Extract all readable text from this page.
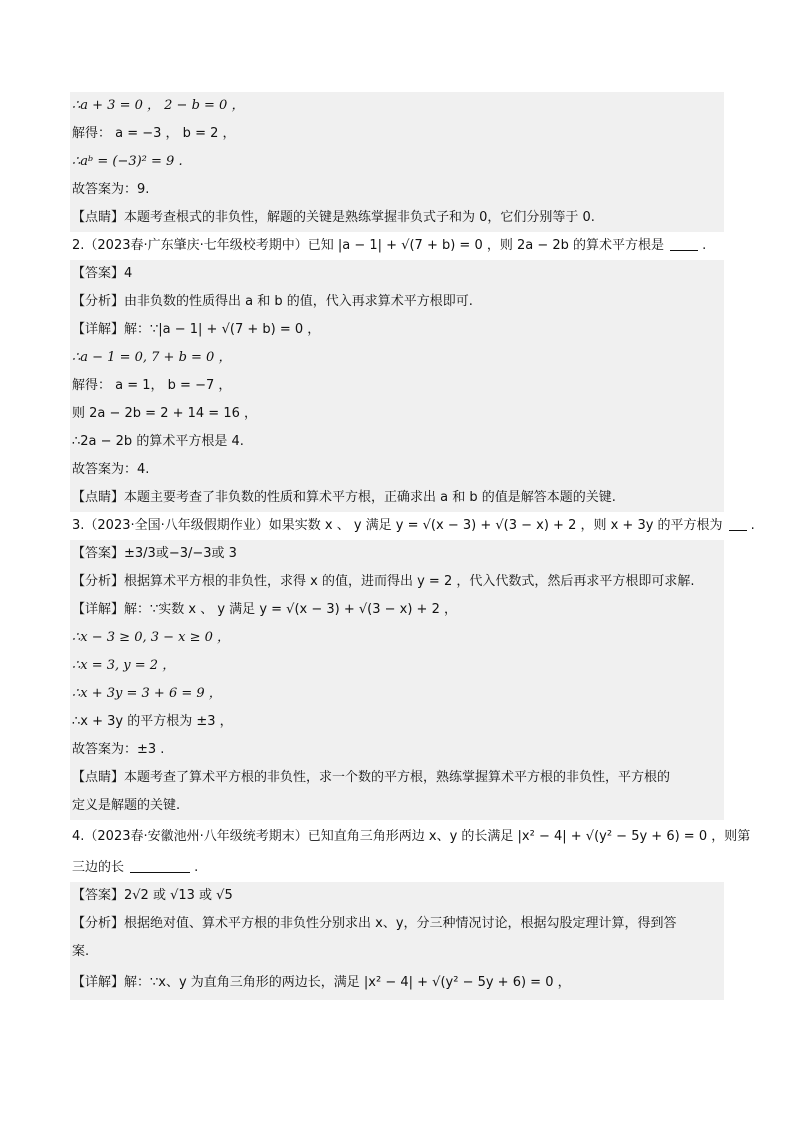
∴a + 3 = 0 ， 2 − b = 0 ，
解得： a = −3 ， b = 2 ，
∴aᵇ = (−3)² = 9 .
故答案为：9.
【点睛】本题考查根式的非负性，解题的关键是熟练掌握非负式子和为 0，它们分别等于 0.
2.（2023春·广东肇庆·七年级校考期中）已知 |a − 1| + √(7 + b) = 0 ，则 2a − 2b 的算术平方根是	.
【答案】4
【分析】由非负数的性质得出 a 和 b 的值，代入再求算术平方根即可.
【详解】解：∵|a − 1| + √(7 + b) = 0 ，
∴a − 1 = 0, 7 + b = 0 ，
解得： a = 1， b = −7 ，
则 2a − 2b = 2 + 14 = 16 ，
∴2a − 2b 的算术平方根是 4.
故答案为：4.
【点睛】本题主要考查了非负数的性质和算术平方根，正确求出 a 和 b 的值是解答本题的关键.
3.（2023·全国·八年级假期作业）如果实数 x 、 y 满足 y = √(x − 3) + √(3 − x) + 2 ，则 x + 3y 的平方根为 .
【答案】±3/3或−3/−3或 3
【分析】根据算术平方根的非负性，求得 x 的值，进而得出 y = 2 ，代入代数式，然后再求平方根即可求解.
【详解】解：∵实数 x 、 y 满足 y = √(x − 3) + √(3 − x) + 2 ，
∴x − 3 ≥ 0, 3 − x ≥ 0 ，
∴x = 3, y = 2 ，
∴x + 3y = 3 + 6 = 9 ，
∴x + 3y 的平方根为 ±3 ，
故答案为：±3 .
【点睛】本题考查了算术平方根的非负性，求一个数的平方根，熟练掌握算术平方根的非负性，平方根的
定义是解题的关键.
4.（2023春·安徽池州·八年级统考期末）已知直角三角形两边 x、y 的长满足 |x² − 4| + √(y² − 5y + 6) = 0 ，则第
三边的长	.
【答案】2√2 或 √13 或 √5
【分析】根据绝对值、算术平方根的非负性分别求出 x、y，分三种情况讨论，根据勾股定理计算，得到答
案.
【详解】解：∵x、y 为直角三角形的两边长，满足 |x² − 4| + √(y² − 5y + 6) = 0 ，
